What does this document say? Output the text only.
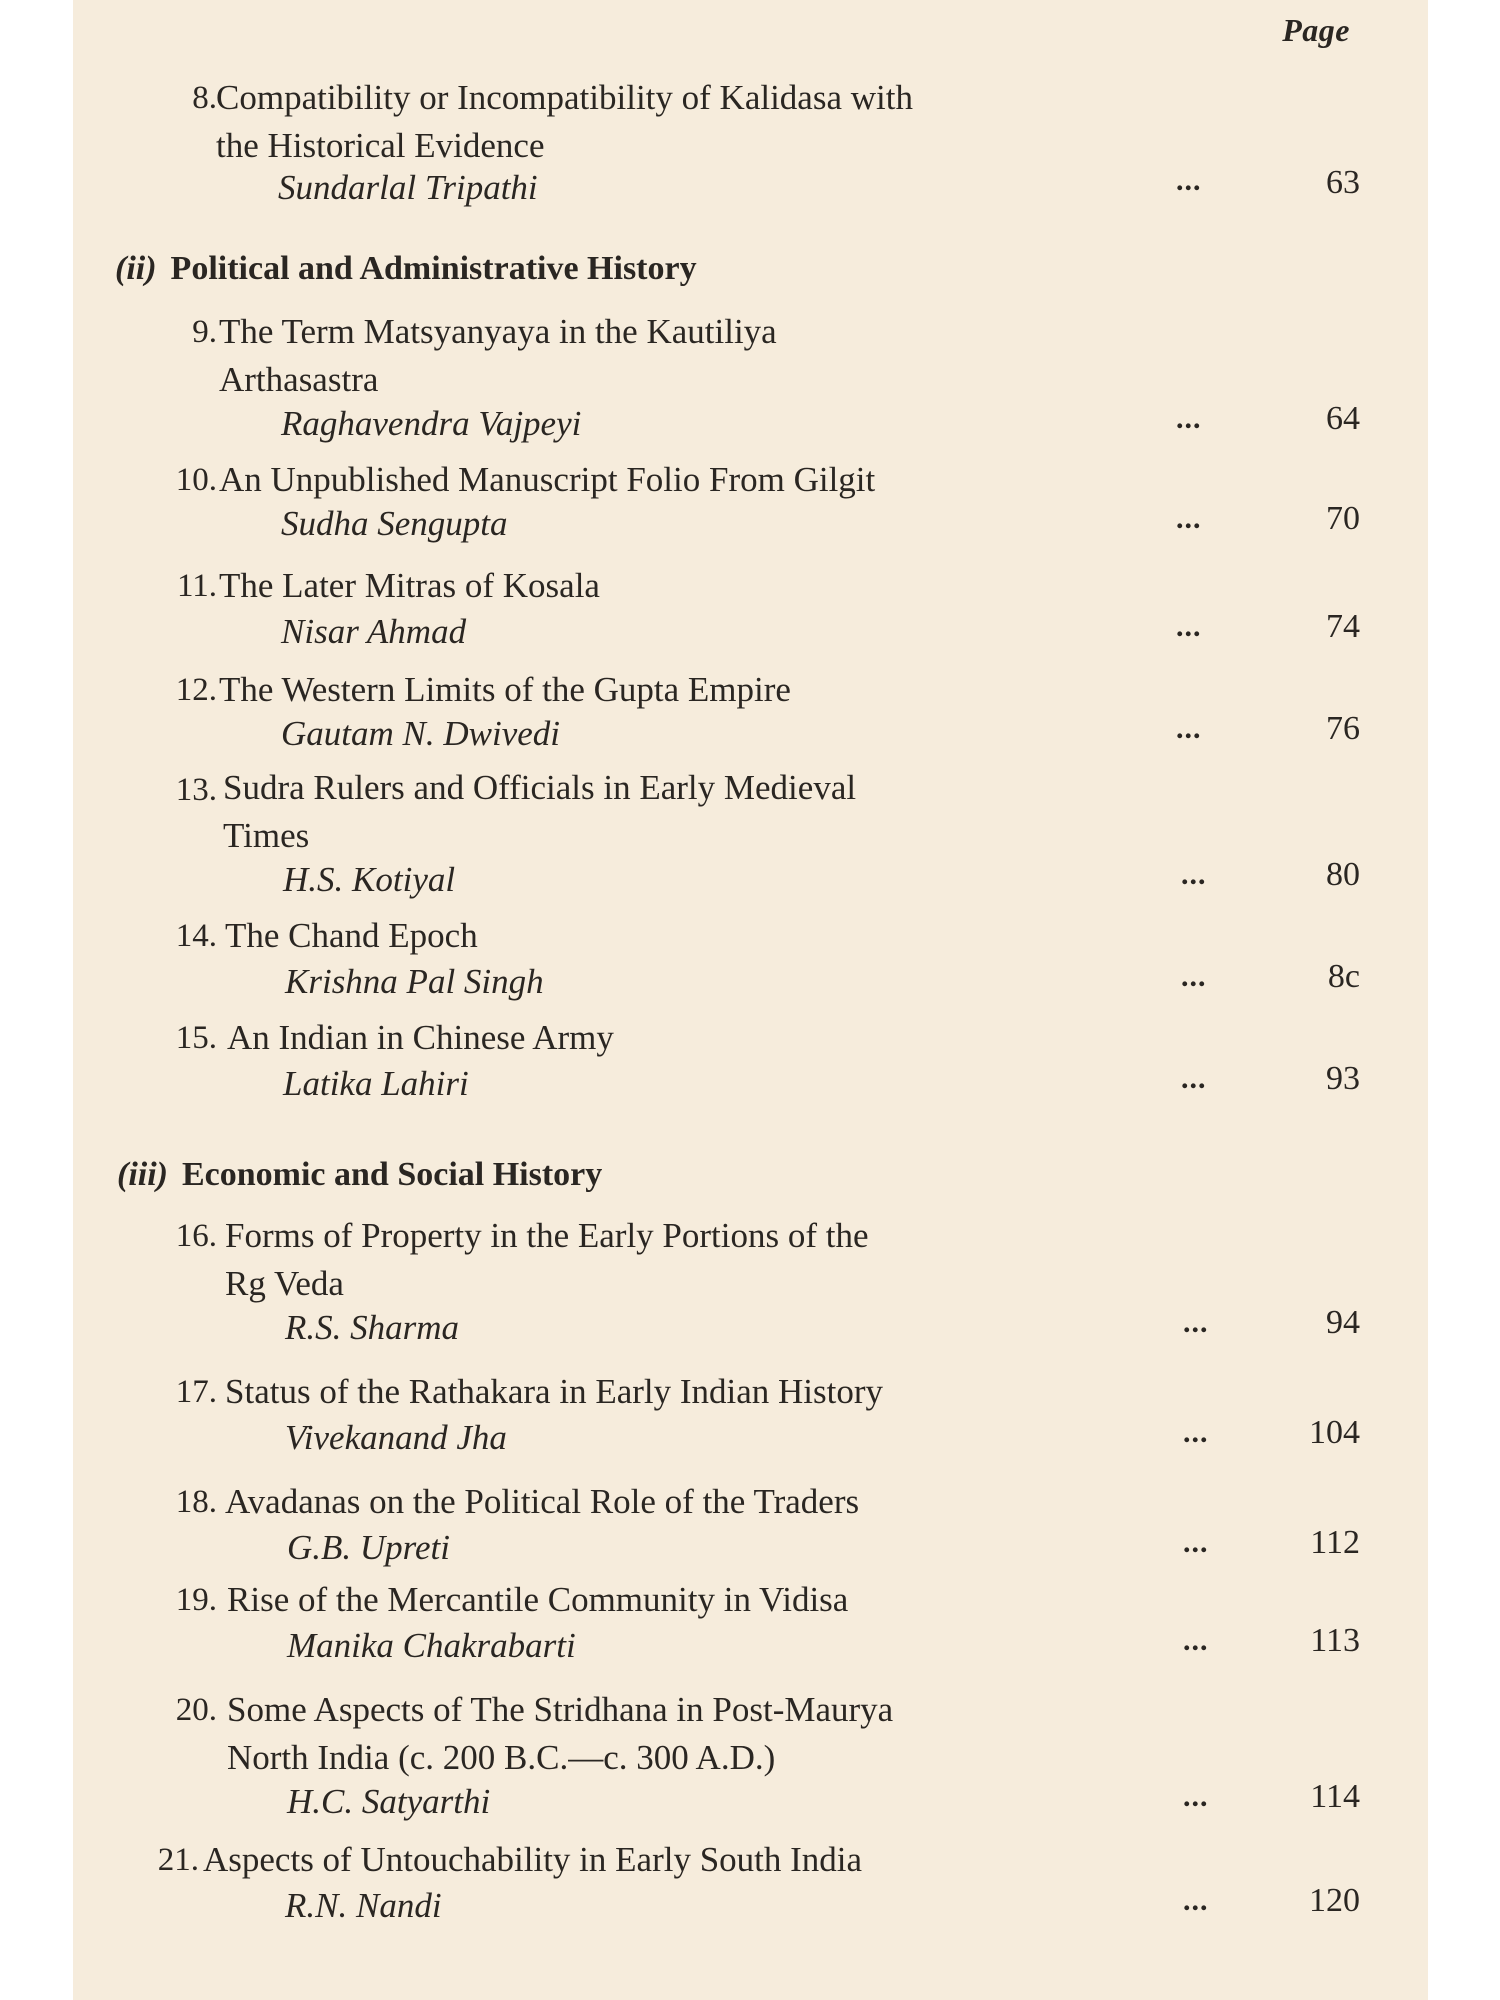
Page
8. Compatibility or Incompatibility of Kalidasa with
the Historical Evidence
Sundarlal Tripathi	...	63
(ii) Political and Administrative History
9. The Term Matsyanyaya in the Kautiliya
Arthasastra
Raghavendra Vajpeyi	...	64
10. An Unpublished Manuscript Folio From Gilgit
Sudha Sengupta	...	70
11. The Later Mitras of Kosala
Nisar Ahmad	...	74
12. The Western Limits of the Gupta Empire
Gautam N. Dwivedi	...	76
13. Sudra Rulers and Officials in Early Medieval
Times
H.S. Kotiyal	...	80
14. The Chand Epoch
Krishna Pal Singh	...	8с
15. An Indian in Chinese Army
Latika Lahiri	...	93
(iii) Economic and Social History
16. Forms of Property in the Early Portions of the
Rg Veda
R.S. Sharma	...	94
17. Status of the Rathakara in Early Indian History
Vivekanand Jha	...	104
18. Avadanas on the Political Role of the Traders
G.B. Upreti	...	112
19. Rise of the Mercantile Community in Vidisa
Manika Chakrabarti	...	113
20. Some Aspects of The Stridhana in Post-Maurya
North India (c. 200 B.C.—c. 300 A.D.)
H.C. Satyarthi	...	114
21. Aspects of Untouchability in Early South India
R.N. Nandi	...	120
